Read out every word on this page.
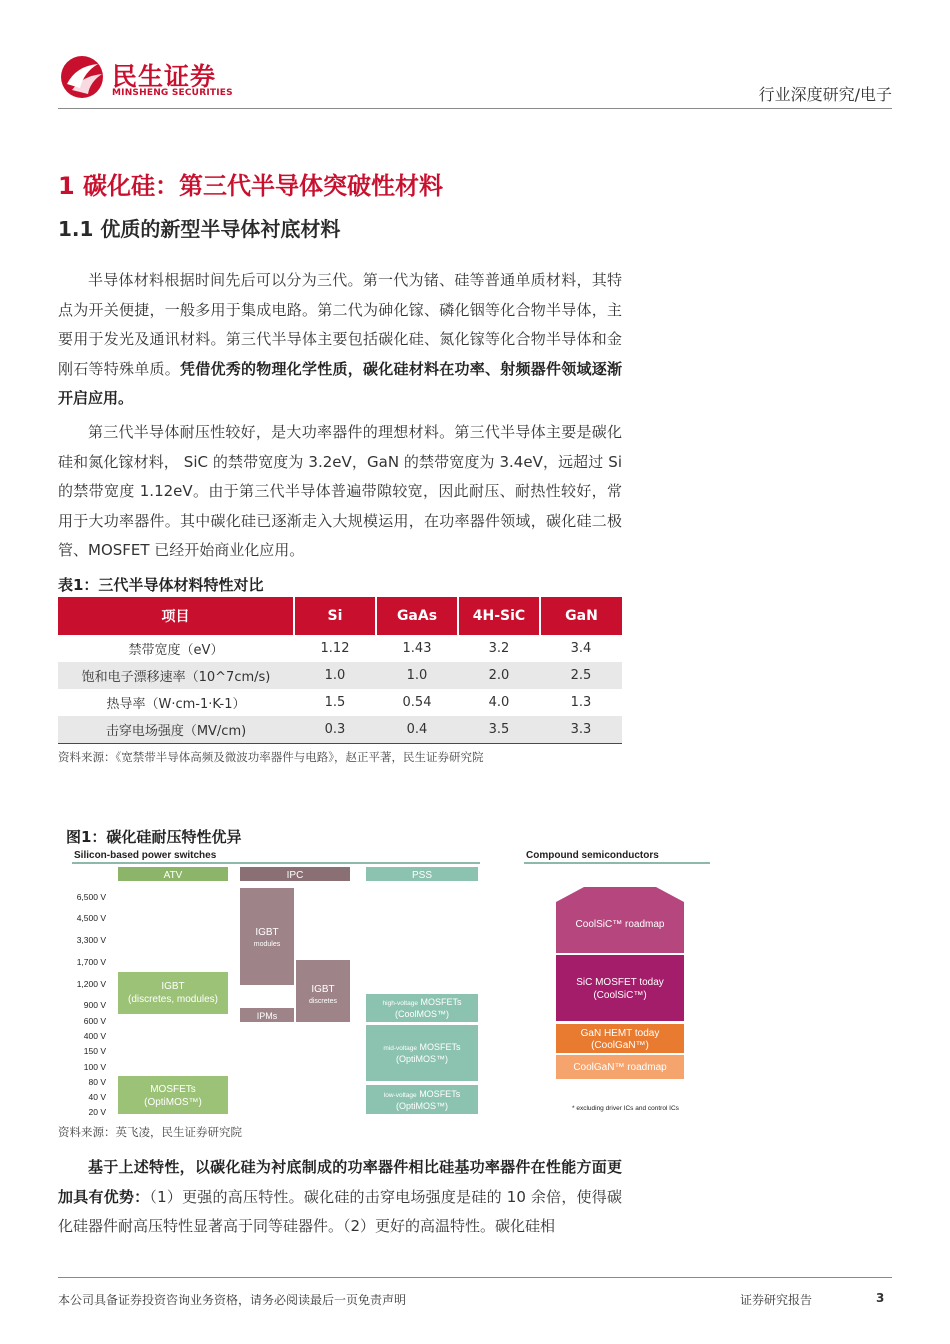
民生证券
MINSHENG SECURITIES	行业深度研究/电子
1 碳化硅：第三代半导体突破性材料
1.1 优质的新型半导体衬底材料

半导体材料根据时间先后可以分为三代。第一代为锗、硅等普通单质材料，其特点为开关便捷，一般多用于集成电路。第二代为砷化镓、磷化铟等化合物半导体，主要用于发光及通讯材料。第三代半导体主要包括碳化硅、氮化镓等化合物半导体和金刚石等特殊单质。凭借优秀的物理化学性质，碳化硅材料在功率、射频器件领域逐渐开启应用。

第三代半导体耐压性较好，是大功率器件的理想材料。第三代半导体主要是碳化硅和氮化镓材料， SiC 的禁带宽度为 3.2eV，GaN 的禁带宽度为 3.4eV，远超过 Si 的禁带宽度 1.12eV。由于第三代半导体普遍带隙较宽，因此耐压、耐热性较好，常用于大功率器件。其中碳化硅已逐渐走入大规模运用，在功率器件领域，碳化硅二极管、MOSFET 已经开始商业化应用。

表1：三代半导体材料特性对比
项目	Si	GaAs	4H-SiC	GaN
禁带宽度（eV）	1.12	1.43	3.2	3.4
饱和电子漂移速率（10^7cm/s)	1.0	1.0	2.0	2.5
热导率（W·cm-1·K-1）	1.5	0.54	4.0	1.3
击穿电场强度（MV/cm)	0.3	0.4	3.5	3.3
资料来源：《宽禁带半导体高频及微波功率器件与电路》，赵正平著，民生证券研究院
图1：碳化硅耐压特性优异
Silicon-based power switches	Compound semiconductors
ATV	IPC	PSS
6,500 V
4,500 V
3,300 V
1,700 V
1,200 V
900 V
600 V
400 V
150 V
100 V
80 V
40 V
20 V
IGBT
(discretes, modules)
MOSFETs
(OptiMOS™)
IGBT
modules
IGBT
discretes
IPMs
high-voltage MOSFETs
(CoolMOS™)
mid-voltage MOSFETs
(OptiMOS™)
low-voltage MOSFETs
(OptiMOS™)
CoolSiC™ roadmap
SiC MOSFET today
(CoolSiC™)
GaN HEMT today
(CoolGaN™)
CoolGaN™ roadmap
* excluding driver ICs and control ICs
资料来源：英飞凌，民生证券研究院

基于上述特性，以碳化硅为衬底制成的功率器件相比硅基功率器件在性能方面更加具有优势：（1）更强的高压特性。碳化硅的击穿电场强度是硅的 10 余倍，使得碳化硅器件耐高压特性显著高于同等硅器件。（2）更好的高温特性。碳化硅相

本公司具备证券投资咨询业务资格，请务必阅读最后一页免责声明	证券研究报告	3
